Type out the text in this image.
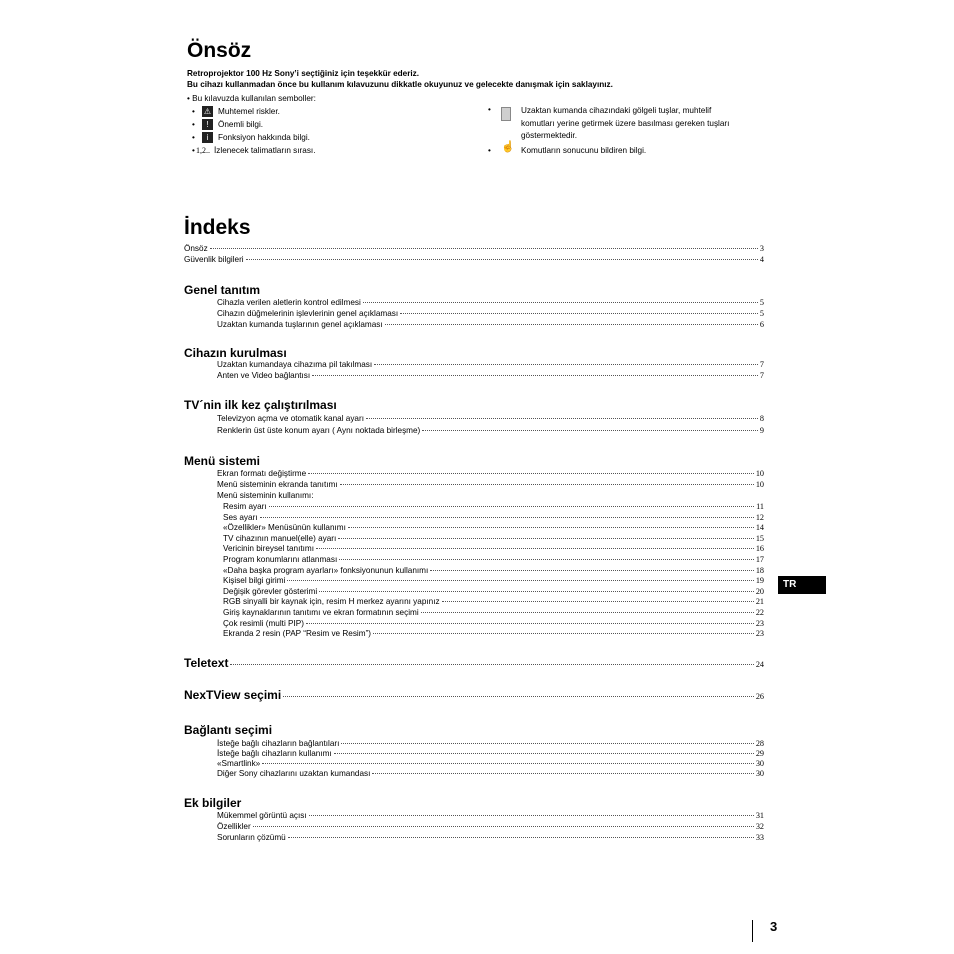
Önsöz
Retroprojektor 100 Hz Sony’i seçtiğiniz için teşekkür ederiz.
Bu cihazı kullanmadan önce bu kullanım kılavuzunu dikkatle okuyunuz ve gelecekte danışmak için saklayınız.
• Bu kılavuzda kullanılan semboller:
•	⚠ Muhtemel riskler.
•	!	Önemli bilgi.
•	i	Fonksiyon hakkında bilgi.
• 1,2.. İzlenecek talimatların sırası.
•	Uzaktan kumanda cihazındaki gölgeli tuşlar, muhtelif
komutları yerine getirmek üzere basılması gereken tuşları
göstermektedir.
• ☝ Komutların sonucunu bildiren bilgi.
İndeks
Önsöz	3
Güvenlik bilgileri	4
Genel tanıtım
Cihazla verilen aletlerin kontrol edilmesi	5
Cihazın düğmelerinin işlevlerinin genel açıklaması	5
Uzaktan kumanda tuşlarının genel açıklaması	6
Cihazın kurulması
Uzaktan kumandaya cihazıma pil takılması	7
Anten ve Video bağlantısı	7
TV´nin ilk kez çalıştırılması
Televizyon açma ve otomatik kanal ayarı	8
Renklerin üst üste konum ayarı ( Aynı noktada birleşme)	9
Menü sistemi
Ekran formatı değiştirme	10
Menü sisteminin ekranda tanıtımı	10
Menü sisteminin kullanımı:
Resim ayarı	11
Ses ayarı	12
«Özellikler» Menüsünün kullanımı	14
TV cihazının manuel(elle) ayarı	15
Vericinin bireysel tanıtımı	16
Program konumlarını atlanması	17
«Daha başka program ayarları» fonksiyonunun kullanımı	18
Kişisel bilgi girimi	19
Değişik görevler gösterimi	20
RGB sinyalli bir kaynak için, resim H merkez ayarını yapınız	21
Giriş kaynaklarının tanıtımı ve ekran formatının seçimi	22
Çok resimli (multi PIP)	23
Ekranda 2 resin (PAP “Resim ve Resim”)	23
Teletext	24
NexTView seçimi	26
Bağlantı seçimi
İsteğe bağlı cihazların bağlantıları	28
İsteğe bağlı cihazların kullanımı	29
«Smartlink»	30
Diğer Sony cihazlarını uzaktan kumandası	30
Ek bilgiler
Mükemmel görüntü açısı	31
Özellikler	32
Sorunların çözümü	33
TR
3
